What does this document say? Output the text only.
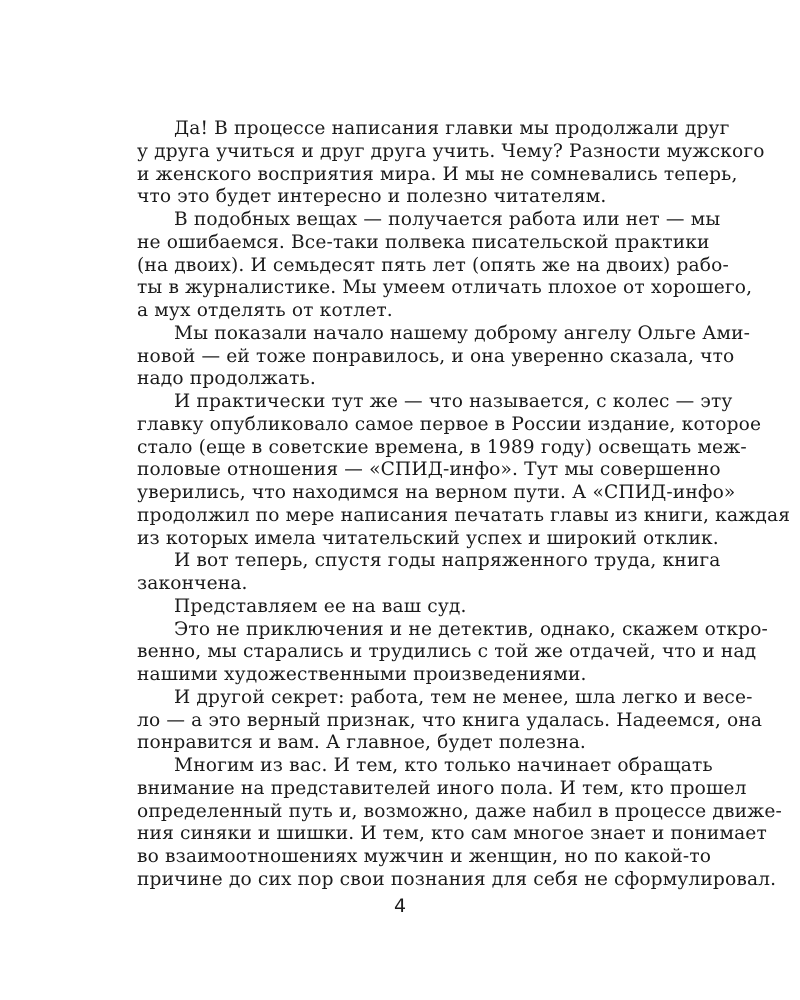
Да! В процессе написания главки мы продолжали друг
у друга учиться и друг друга учить. Чему? Разности мужского
и женского восприятия мира. И мы не сомневались теперь,
что это будет интересно и полезно читателям.

В подобных вещах — получается работа или нет — мы
не ошибаемся. Все-таки полвека писательской практики
(на двоих). И семьдесят пять лет (опять же на двоих) рабо-
ты в журналистике. Мы умеем отличать плохое от хорошего,
а мух отделять от котлет.

Мы показали начало нашему доброму ангелу Ольге Ами-
новой — ей тоже понравилось, и она уверенно сказала, что
надо продолжать.

И практически тут же — что называется, с колес — эту
главку опубликовало самое первое в России издание, которое
стало (еще в советские времена, в 1989 году) освещать меж-
половые отношения — «СПИД-инфо». Тут мы совершенно
уверились, что находимся на верном пути. А «СПИД-инфо»
продолжил по мере написания печатать главы из книги, каждая
из которых имела читательский успех и широкий отклик.

И вот теперь, спустя годы напряженного труда, книга
закончена.

Представляем ее на ваш суд.

Это не приключения и не детектив, однако, скажем откро-
венно, мы старались и трудились с той же отдачей, что и над
нашими художественными произведениями.

И другой секрет: работа, тем не менее, шла легко и весе-
ло — а это верный признак, что книга удалась. Надеемся, она
понравится и вам. А главное, будет полезна.

Многим из вас. И тем, кто только начинает обращать
внимание на представителей иного пола. И тем, кто прошел
определенный путь и, возможно, даже набил в процессе движе-
ния синяки и шишки. И тем, кто сам многое знает и понимает
во взаимоотношениях мужчин и женщин, но по какой-то
причине до сих пор свои познания для себя не сформулировал.

4
